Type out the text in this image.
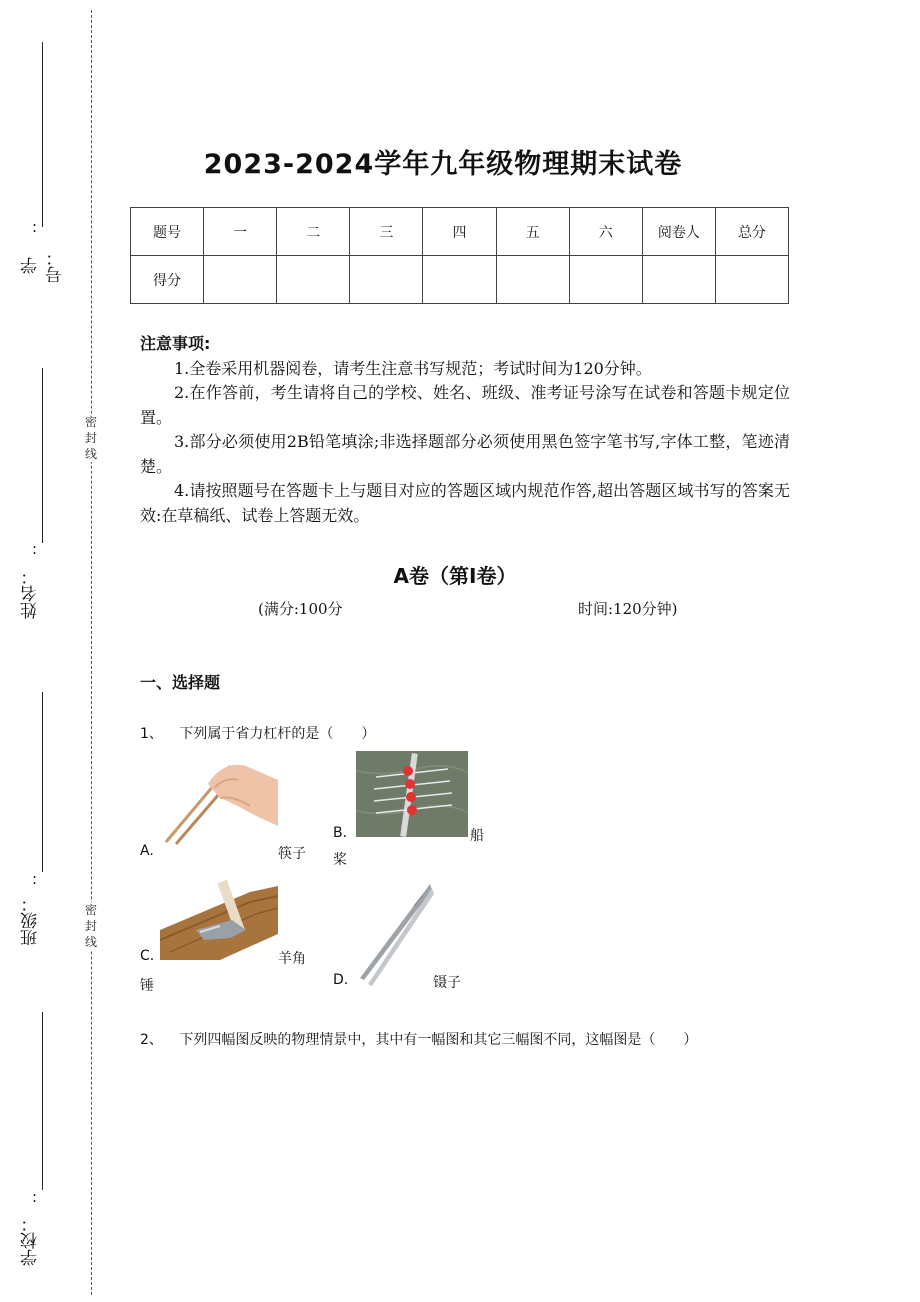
:
学号：
:
姓名：
:
班级：
:
学校：
密封线
密封线
2023-2024学年九年级物理期末试卷
题号	一	二	三	四	五	六	阅卷人	总分
得分								
注意事项:
1.全卷采用机器阅卷，请考生注意书写规范；考试时间为120分钟。
2.在作答前，考生请将自己的学校、姓名、班级、准考证号涂写在试卷和答题卡规定位置。
3.部分必须使用2B铅笔填涂;非选择题部分必须使用黑色签字笔书写,字体工整，笔迹清楚。
4.请按照题号在答题卡上与题目对应的答题区域内规范作答,超出答题区域书写的答案无效:在草稿纸、试卷上答题无效。
A卷（第Ⅰ卷）
(满分:100分	时间:120分钟)
一、选择题
1、 下列属于省力杠杆的是（　　）
A.	筷子
B.	船
桨
C.	羊角
锤	D.	镊子
2、 下列四幅图反映的物理情景中，其中有一幅图和其它三幅图不同，这幅图是（　　）
